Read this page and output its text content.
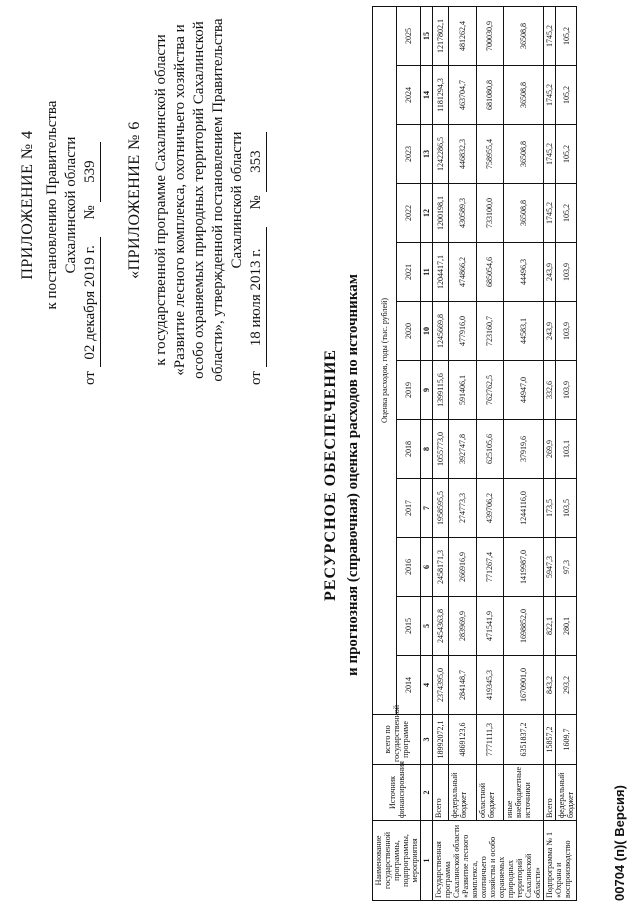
ПРИЛОЖЕНИЕ № 4 к постановлению Правительства Сахалинской области
от 02 декабря 2019 г. № 539 «ПРИЛОЖЕНИЕ № 6 к государственной программе Сахалинской области «Развитие лесного комплекса, охотничьего хозяйства и особо охраняемых природных территорий Сахалинской области», утвержденной постановлением Правительства Сахалинской области
от 18 июля 2013 г. № 353
РЕСУРСНОЕ ОБЕСПЕЧЕНИЕ и прогнозная (справочная) оценка расходов по источникам
Наименование государственной программы, подпрограммы, мероприятия	Источник финансирования	всего по государственной программе	Оценка расходов, годы (тыс. рублей)											
			2014	2015	2016	2017	2018	2019	2020	2021	2022	2023	2024	2025
1	2	3	4	5	6	7	8	9	10	11	12	13	14	15
Государственная программа Сахалинской области «Развитие лесного комплекса, охотничьего хозяйства и особо охраняемых природных территорий Сахалинской области»	Всего	18992072,1	2374395,0	2454363,8	2458171,3	1958595,5	1055773,0	1399115,6	1245669,8	1204417,1	1200198,1	1242286,5	1181294,3	1217802,1
	федеральный бюджет	4869123,6	284148,7	283969,9	266916,9	274773,3	392747,8	591406,1	477916,0	474866,2	430589,3	446832,3	463704,7	481262,4
	областной бюджет	7771111,3	419345,3	471541,9	771267,4	439706,2	625105,6	762762,5	723160,7	685054,6	733100,0	758955,4	681080,8	700030,9
	иные внебюджетные источники	6351837,2	1670901,0	1698852,0	1419987,0	1244116,0	37919,6	44947,0	44583,1	44496,3	36508,8	36508,8	36508,8	36508,8
Подпрограмма № 1 «Охрана и воспроизводство	Всего	15857,2	843,2	822,1	5947,3	173,5	269,9	332,6	243,9	243,9	1745,2	1745,2	1745,2	1745,2
	федеральный бюджет	1609,7	293,2	280,1	97,3	103,5	103,1	103,9	103,9	103,9	105,2	105,2	105,2	105,2
00704 (п)( Версия)
